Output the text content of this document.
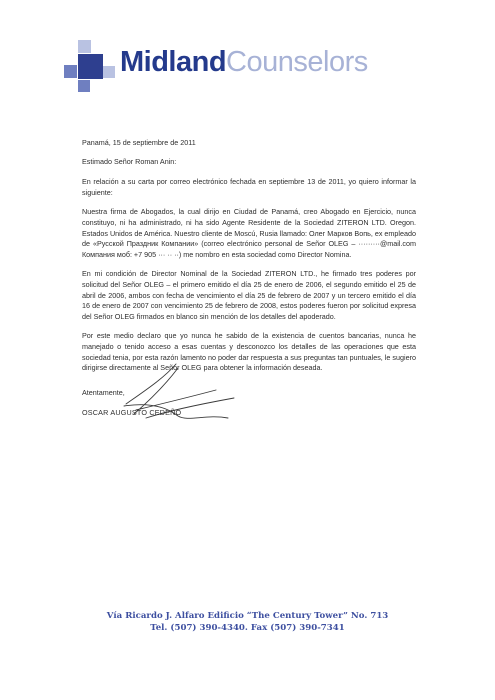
MidlandCounselors

Panamá, 15 de septiembre de 2011

Estimado Señor Roman Anin:

En relación a su carta por correo electrónico fechada en septiembre 13 de 2011, yo quiero informar la siguiente:

Nuestra firma de Abogados, la cual dirijo en Ciudad de Panamá, creo Abogado en Ejercicio, nunca constituyo, ni ha administrado, ni ha sido Agente Residente de la Sociedad ZITERON LTD. Oregon. Estados Unidos de América. Nuestro cliente de Moscú, Rusia llamado: Олег Марков Вопь, ex empleado de «Русской Праздник Компании» (correo electrónico personal de Señor OLEG – ·········@mail.com Компания моб: +7 905 ··· ·· ··) me nombro en esta sociedad como Director Nomina.

En mi condición de Director Nominal de la Sociedad ZITERON LTD., he firmado tres poderes por solicitud del Señor OLEG – el primero emitido el día 25 de enero de 2006, el segundo emitido el 25 de abril de 2006, ambos con fecha de vencimiento el día 25 de febrero de 2007 y un tercero emitido el día 16 de enero de 2007 con vencimiento 25 de febrero de 2008, estos poderes fueron por solicitud expresa del Señor OLEG firmados en blanco sin mención de los detalles del apoderado.

Por este medio declaro que yo nunca he sabido de la existencia de cuentos bancarias, nunca he manejado o tenido acceso a esas cuentas y desconozco los detalles de las operaciones que esta sociedad tenia, por esta razón lamento no poder dar respuesta a sus preguntas tan puntuales, le sugiero dirigirse directamente al Señor OLEG para obtener la información deseada.

Atentamente,
OSCAR AUGUSTO CEDEÑO
Vía Ricardo J. Alfaro Edificio “The Century Tower” No. 713
Tel. (507) 390-4340. Fax (507) 390-7341
